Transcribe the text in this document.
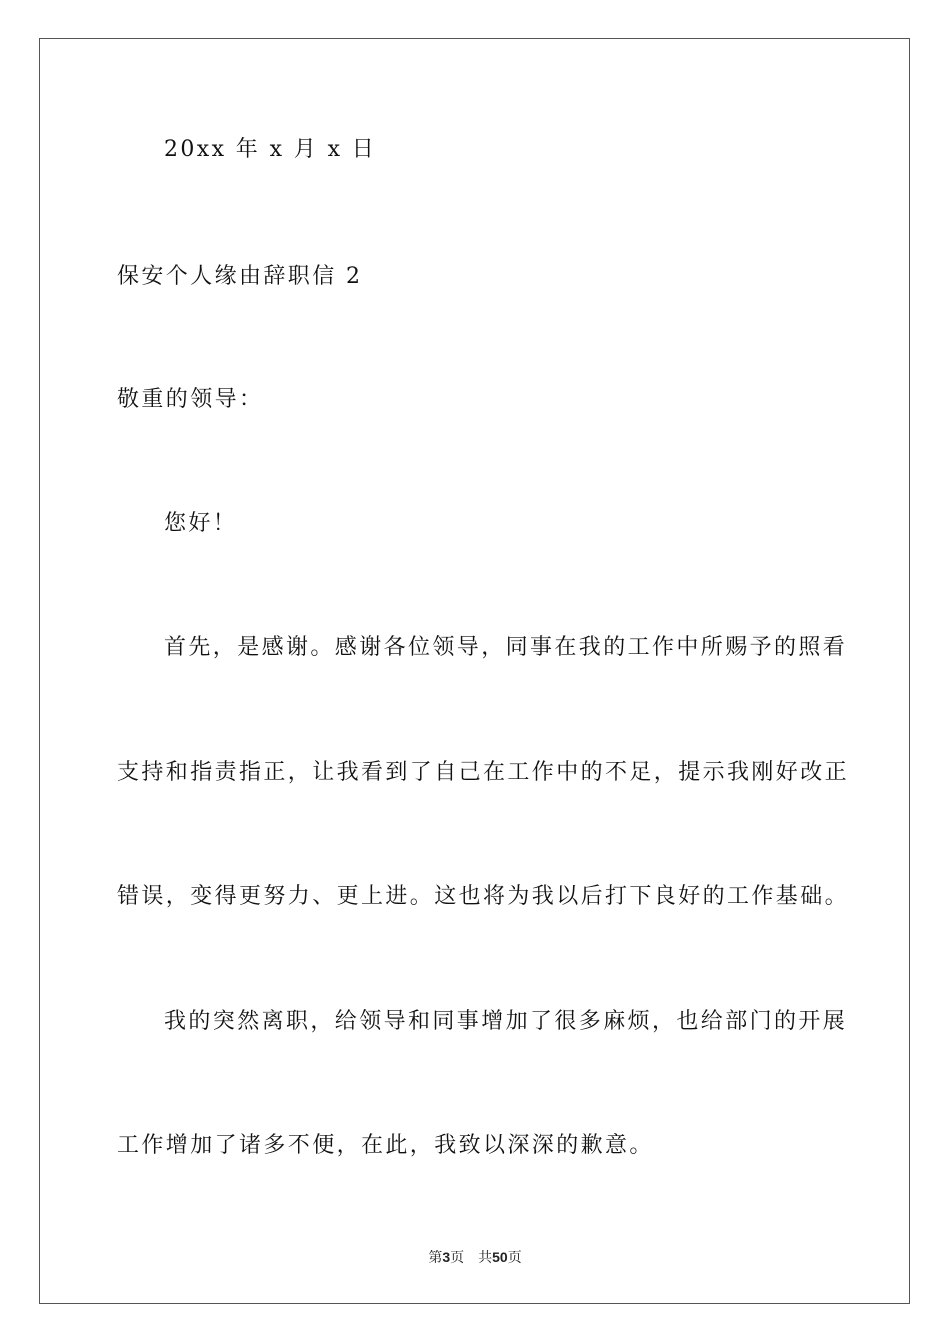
20xx 年 x 月 x 日
保安个人缘由辞职信 2
敬重的领导：
您好！
首先，是感谢。感谢各位领导，同事在我的工作中所赐予的照看
支持和指责指正，让我看到了自己在工作中的不足，提示我刚好改正
错误，变得更努力、更上进。这也将为我以后打下良好的工作基础。
我的突然离职，给领导和同事增加了很多麻烦，也给部门的开展
工作增加了诸多不便，在此，我致以深深的歉意。
第3页 共50页
